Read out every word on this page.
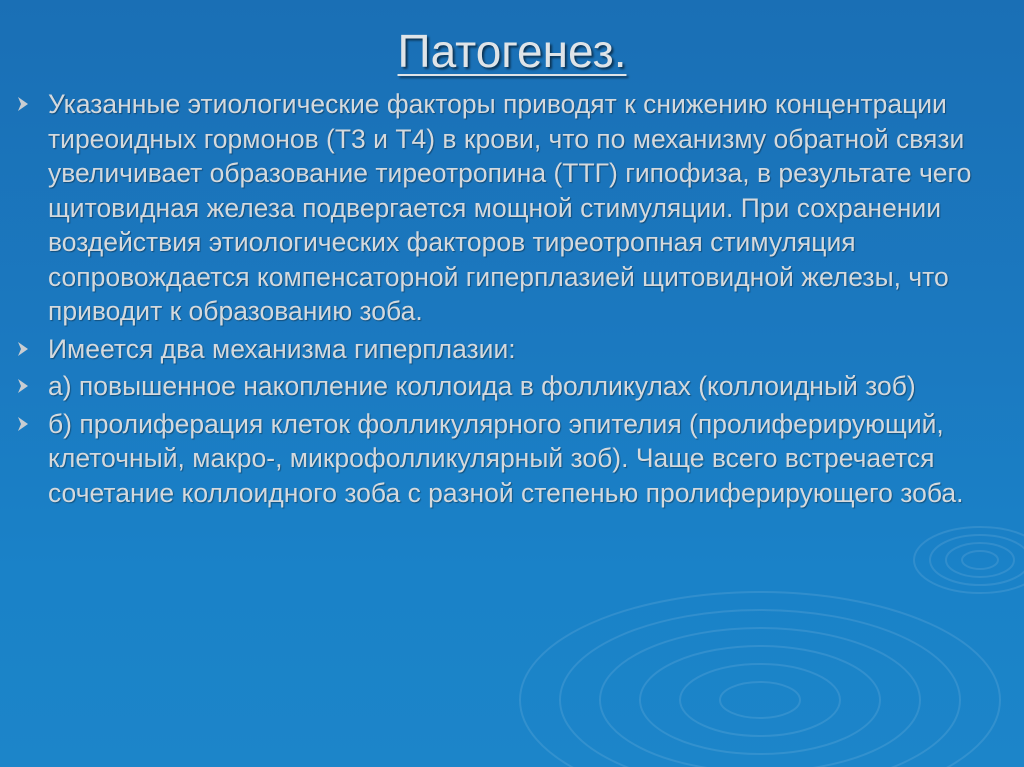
Патогенез.
Указанные этиологические факторы приводят к снижению концентрации тиреоидных гормонов (Т3 и Т4) в крови, что по механизму обратной связи увеличивает образование тиреотропина (ТТГ) гипофиза, в результате чего щитовидная железа подвергается мощной стимуляции. При сохранении воздействия этиологических факторов тиреотропная стимуляция сопровождается компенсаторной гиперплазией щитовидной железы, что приводит к образованию зоба.
Имеется два механизма гиперплазии:
а) повышенное накопление коллоида в фолликулах (коллоидный зоб)
б) пролиферация клеток фолликулярного эпителия (пролиферирующий, клеточный, макро-, микрофолликулярный зоб). Чаще всего встречается сочетание коллоидного зоба с разной степенью пролиферирующего зоба.
